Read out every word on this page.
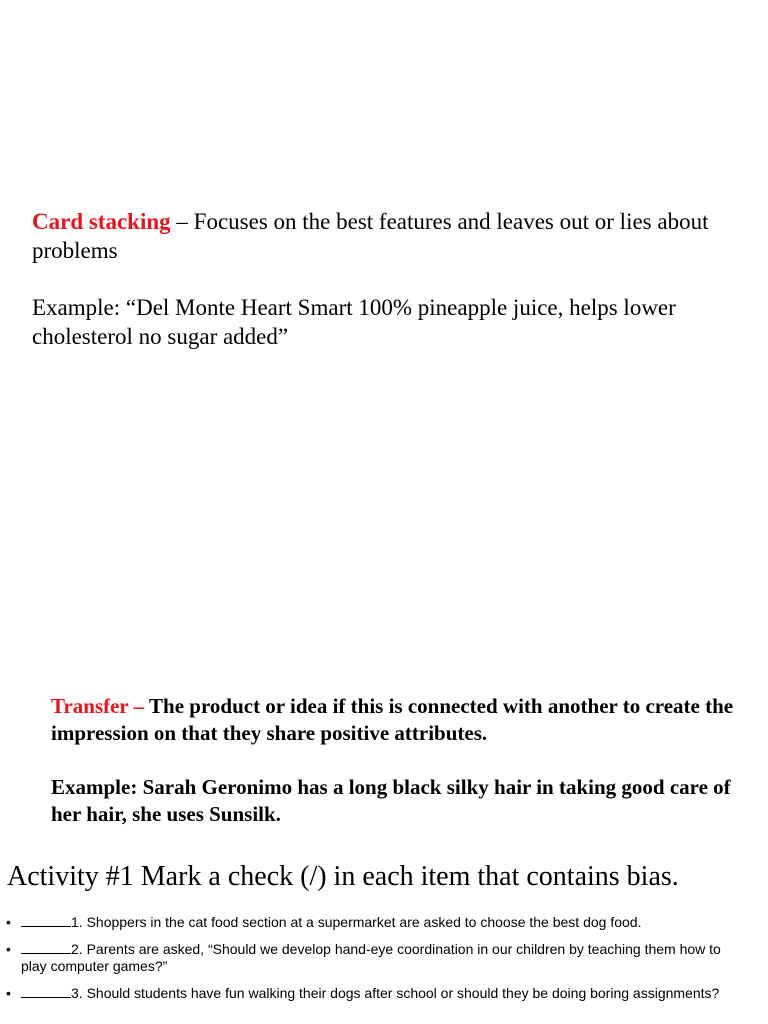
Card stacking – Focuses on the best features and leaves out or lies about problems

Example: “Del Monte Heart Smart 100% pineapple juice, helps lower cholesterol no sugar added”

Transfer – The product or idea if this is connected with another to create the impression on that they share positive attributes.

Example: Sarah Geronimo has a long black silky hair in taking good care of her hair, she uses Sunsilk.

Activity #1 Mark a check (/) in each item that contains bias.

•	1. Shoppers in the cat food section at a supermarket are asked to choose the best dog food.
•	2. Parents are asked, “Should we develop hand-eye coordination in our children by teaching them how to play computer games?”
•	3. Should students have fun walking their dogs after school or should they be doing boring assignments?
